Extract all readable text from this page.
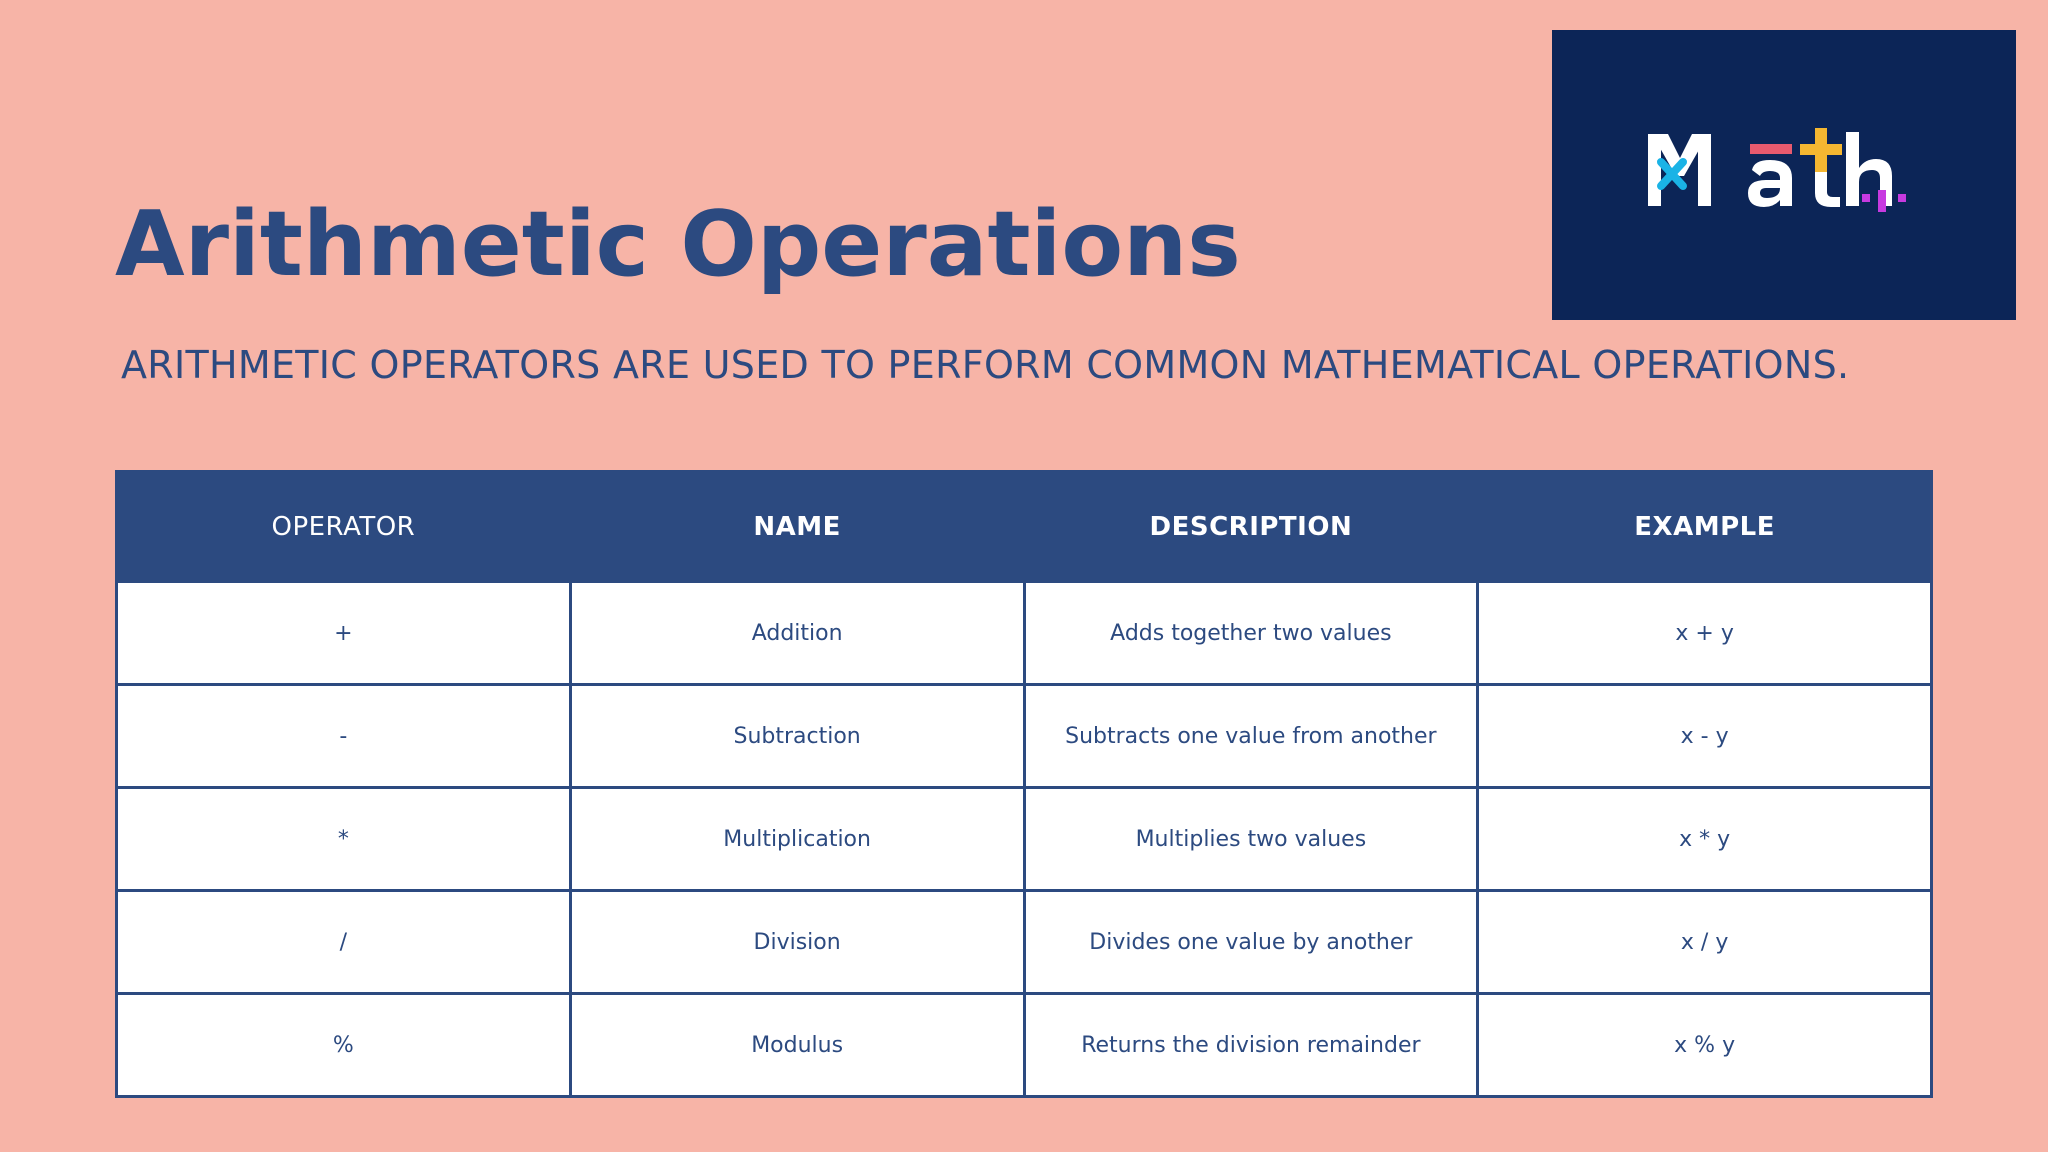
Arithmetic Operations
ARITHMETIC OPERATORS ARE USED TO PERFORM COMMON MATHEMATICAL OPERATIONS.
OPERATOR	NAME	DESCRIPTION	EXAMPLE
+	Addition	Adds together two values	x + y
-	Subtraction	Subtracts one value from another	x - y
*	Multiplication	Multiplies two values	x * y
/	Division	Divides one value by another	x / y
%	Modulus	Returns the division remainder	x % y
